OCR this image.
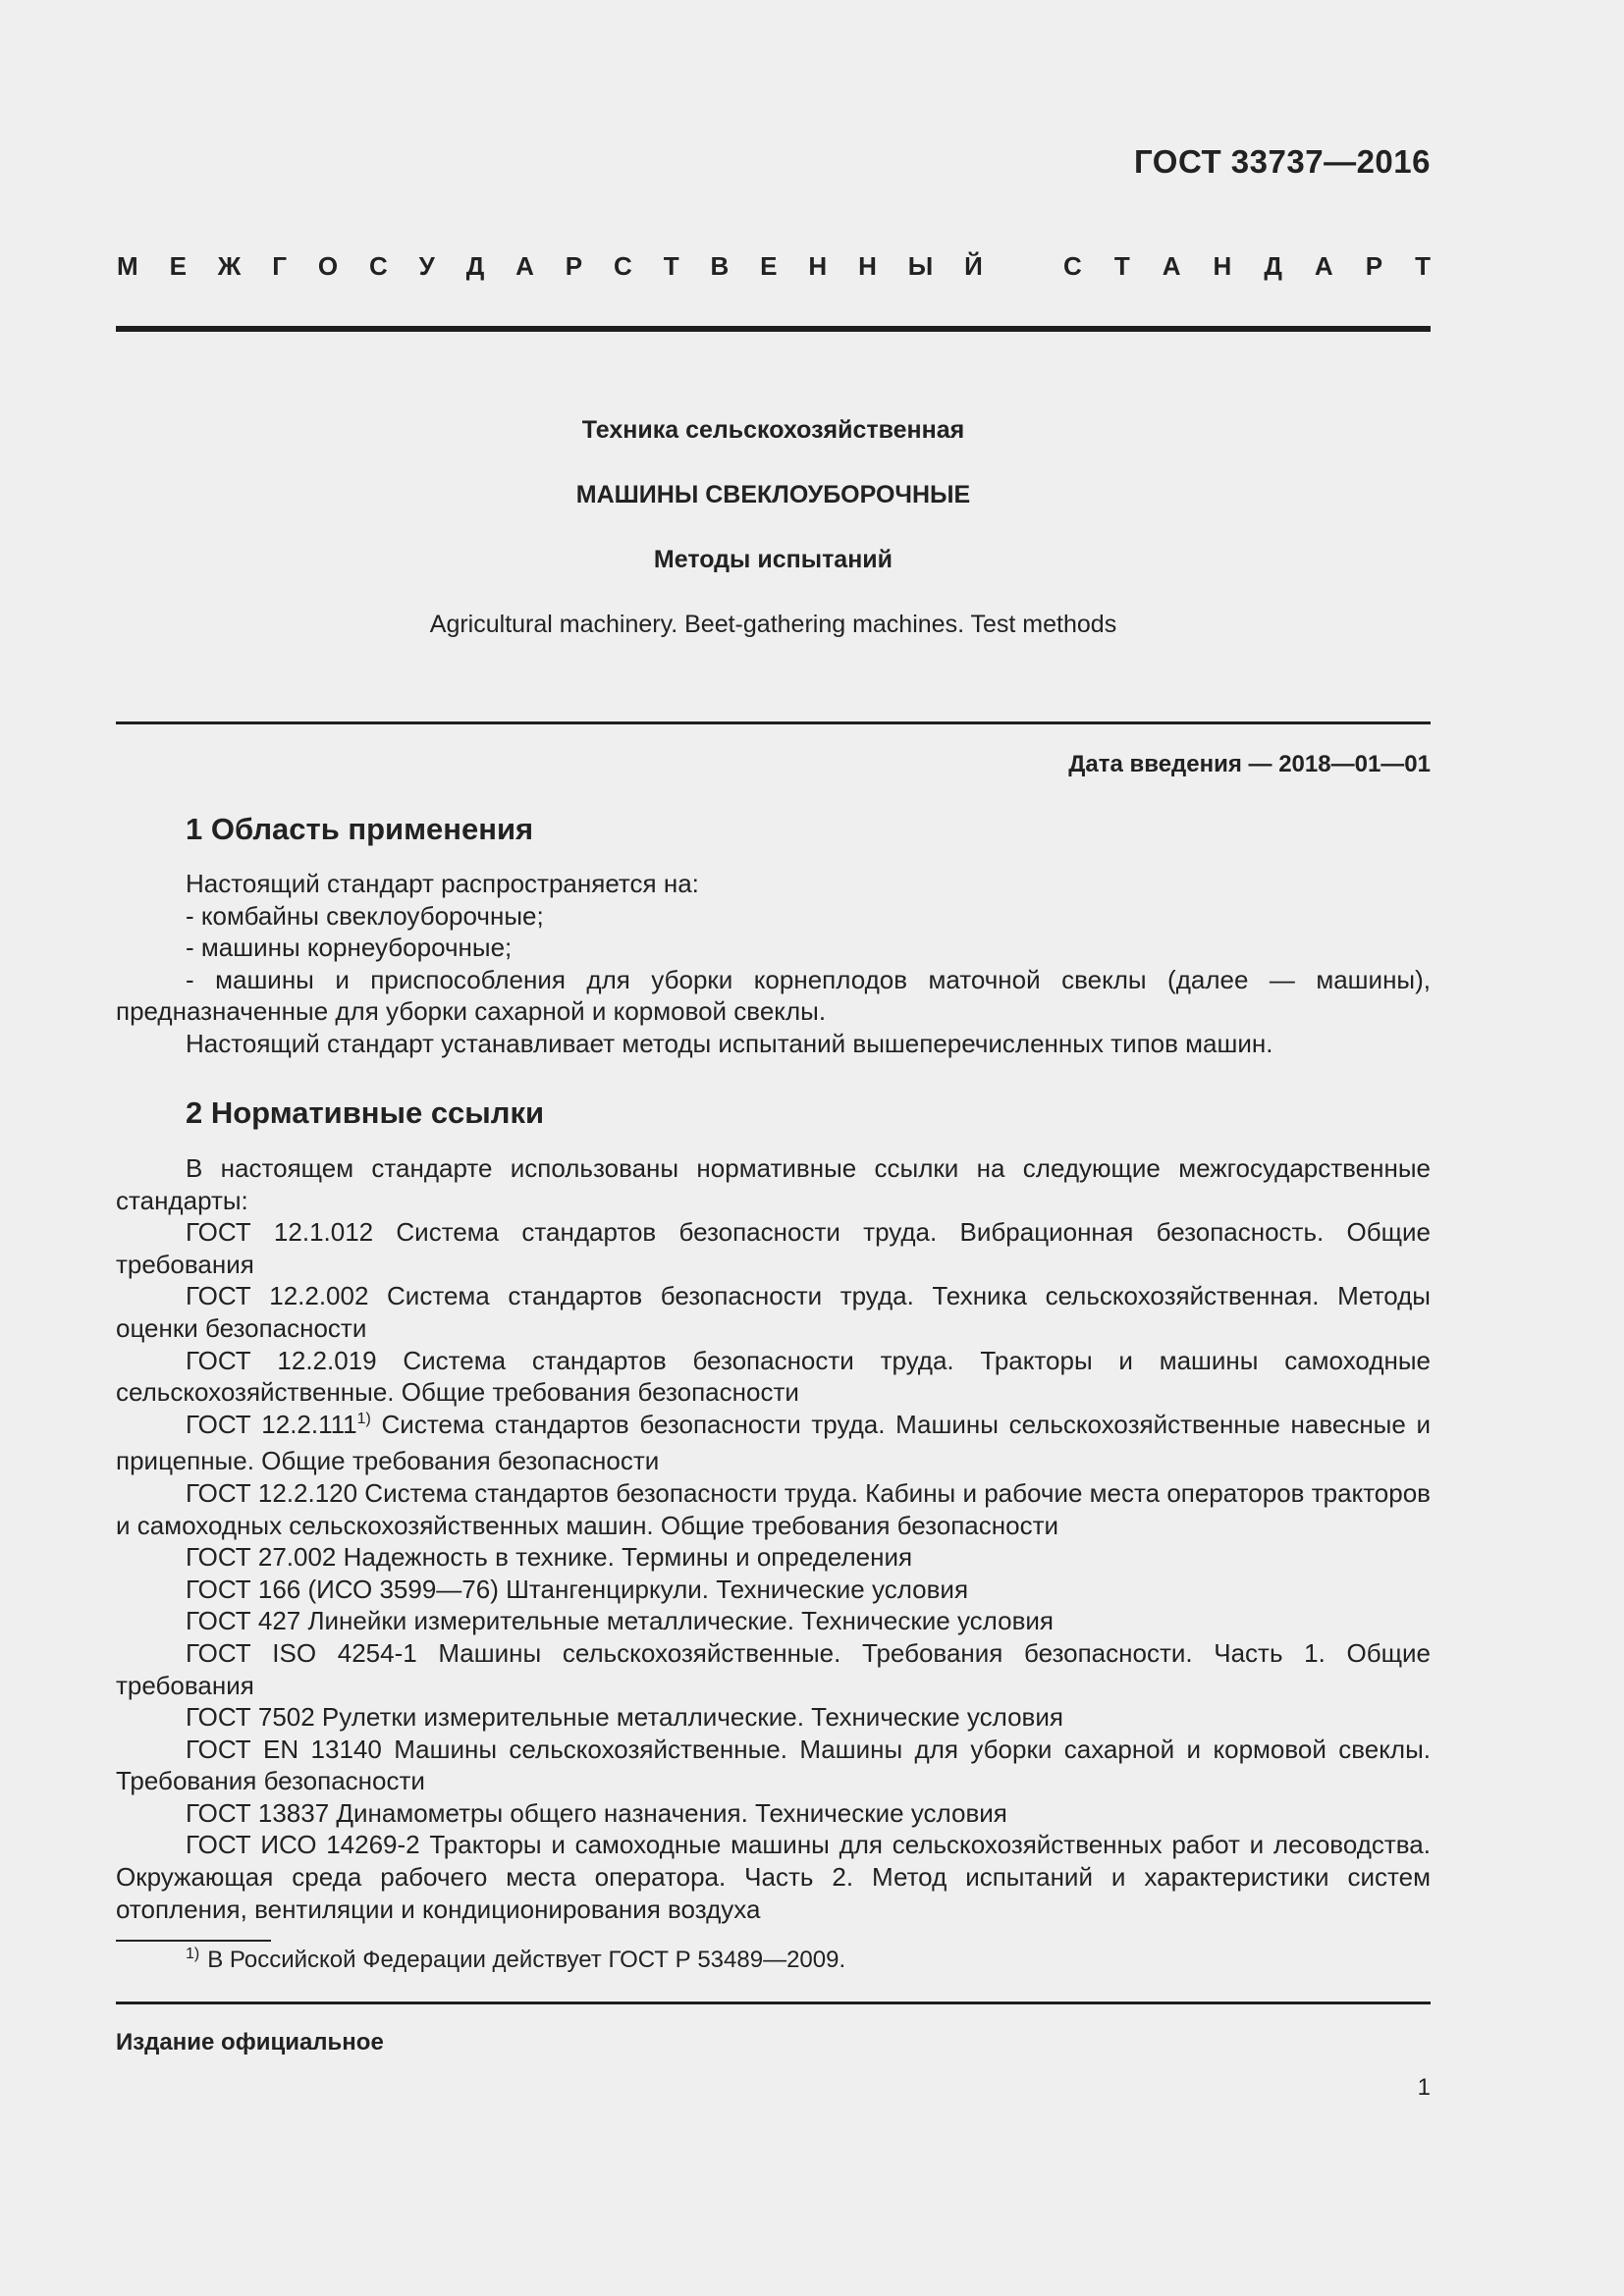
ГОСТ 33737—2016
М Е Ж Г О С У Д А Р С Т В Е Н Н Ы Й	С Т А Н Д А Р Т
Техника сельскохозяйственная
МАШИНЫ СВЕКЛОУБОРОЧНЫЕ
Методы испытаний
Agricultural machinery. Beet-gathering machines. Test methods
Дата введения — 2018—01—01
1 Область применения

Настоящий стандарт распространяется на:

- комбайны свеклоуборочные;

- машины корнеуборочные;

- машины и приспособления для уборки корнеплодов маточной свеклы (далее — машины), предназначенные для уборки сахарной и кормовой свеклы.

Настоящий стандарт устанавливает методы испытаний вышеперечисленных типов машин.

2 Нормативные ссылки

В настоящем стандарте использованы нормативные ссылки на следующие межгосударственные стандарты:

ГОСТ 12.1.012 Система стандартов безопасности труда. Вибрационная безопасность. Общие требования

ГОСТ 12.2.002 Система стандартов безопасности труда. Техника сельскохозяйственная. Методы оценки безопасности

ГОСТ 12.2.019 Система стандартов безопасности труда. Тракторы и машины самоходные сельскохозяйственные. Общие требования безопасности

ГОСТ 12.2.111$^{1)}$ Система стандартов безопасности труда. Машины сельскохозяйственные навесные и прицепные. Общие требования безопасности

ГОСТ 12.2.120 Система стандартов безопасности труда. Кабины и рабочие места операторов тракторов и самоходных сельскохозяйственных машин. Общие требования безопасности

ГОСТ 27.002 Надежность в технике. Термины и определения

ГОСТ 166 (ИСО 3599—76) Штангенциркули. Технические условия

ГОСТ 427 Линейки измерительные металлические. Технические условия

ГОСТ ISO 4254-1 Машины сельскохозяйственные. Требования безопасности. Часть 1. Общие требования

ГОСТ 7502 Рулетки измерительные металлические. Технические условия

ГОСТ EN 13140 Машины сельскохозяйственные. Машины для уборки сахарной и кормовой свеклы. Требования безопасности

ГОСТ 13837 Динамометры общего назначения. Технические условия

ГОСТ ИСО 14269-2 Тракторы и самоходные машины для сельскохозяйственных работ и лесоводства. Окружающая среда рабочего места оператора. Часть 2. Метод испытаний и характеристики систем отопления, вентиляции и кондиционирования воздуха

$^{1)}$ В Российской Федерации действует ГОСТ Р 53489—2009.
Издание официальное
1
